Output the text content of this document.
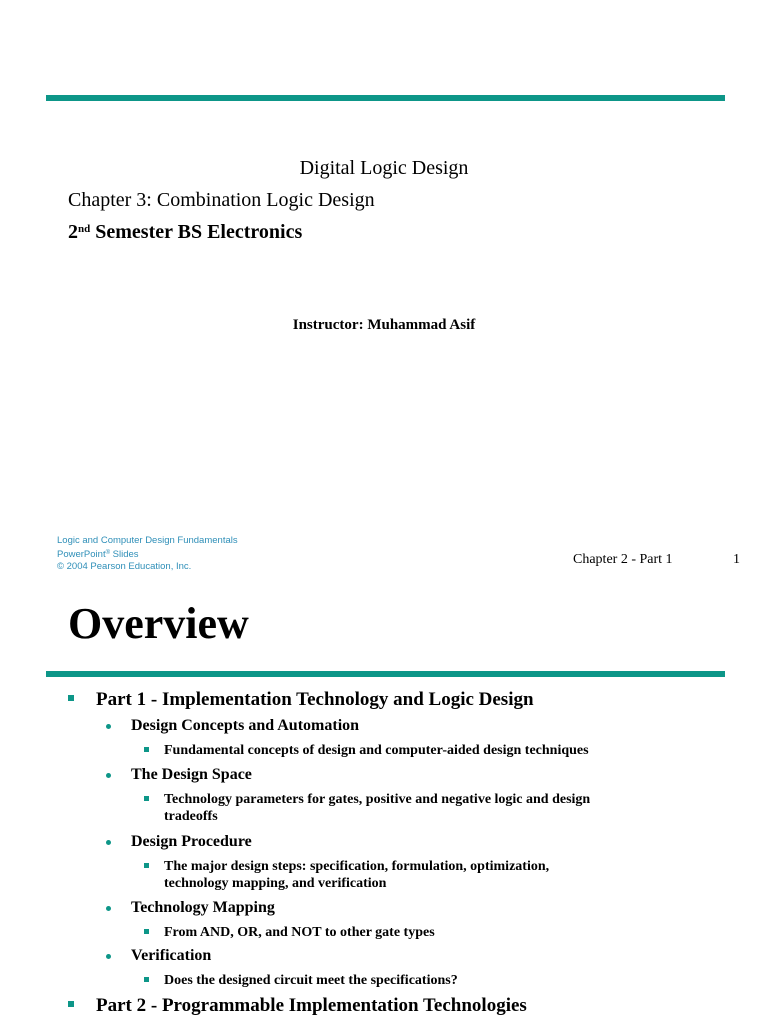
Digital Logic Design
Chapter 3: Combination Logic Design
2nd Semester BS Electronics
Instructor: Muhammad Asif
Logic and Computer Design Fundamentals
PowerPoint® Slides
© 2004 Pearson Education, Inc.	Chapter 2 - Part 1	1
Overview
Part 1 - Implementation Technology and Logic Design
Design Concepts and Automation
Fundamental concepts of design and computer-aided design techniques
The Design Space
Technology parameters for gates, positive and negative logic and design
tradeoffs
Design Procedure
The major design steps: specification, formulation, optimization,
technology mapping, and verification
Technology Mapping
From AND, OR, and NOT to other gate types
Verification
Does the designed circuit meet the specifications?
Part 2 - Programmable Implementation Technologies
